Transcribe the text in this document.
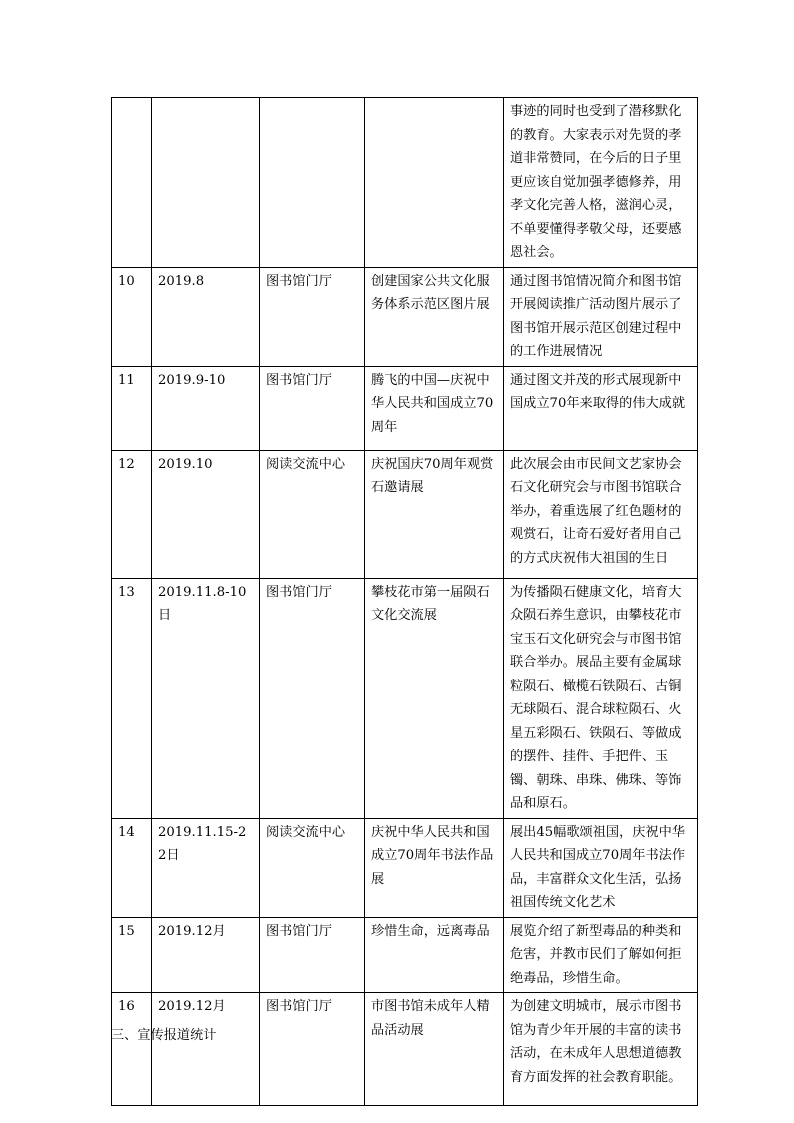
				事迹的同时也受到了潜移默化的教育。大家表示对先贤的孝道非常赞同，在今后的日子里更应该自觉加强孝德修养，用孝文化完善人格，滋润心灵，不单要懂得孝敬父母，还要感恩社会。
10	2019.8	图书馆门厅	创建国家公共文化服务体系示范区图片展	通过图书馆情况简介和图书馆开展阅读推广活动图片展示了图书馆开展示范区创建过程中的工作进展情况
11	2019.9-10	图书馆门厅	腾飞的中国—庆祝中华人民共和国成立70周年	通过图文并茂的形式展现新中国成立70年来取得的伟大成就
12	2019.10	阅读交流中心	庆祝国庆70周年观赏石邀请展	此次展会由市民间文艺家协会石文化研究会与市图书馆联合举办，着重选展了红色题材的观赏石，让奇石爱好者用自己的方式庆祝伟大祖国的生日
13	2019.11.8-10日	图书馆门厅	攀枝花市第一届陨石文化交流展	为传播陨石健康文化，培育大众陨石养生意识，由攀枝花市宝玉石文化研究会与市图书馆联合举办。展品主要有金属球粒陨石、橄榄石铁陨石、古铜无球陨石、混合球粒陨石、火星五彩陨石、铁陨石、等做成的摆件、挂件、手把件、玉镯、朝珠、串珠、佛珠、等饰品和原石。
14	2019.11.15-22日	阅读交流中心	庆祝中华人民共和国成立70周年书法作品展	展出45幅歌颂祖国，庆祝中华人民共和国成立70周年书法作品，丰富群众文化生活，弘扬祖国传统文化艺术
15	2019.12月	图书馆门厅	珍惜生命，远离毒品	展览介绍了新型毒品的种类和危害，并教市民们了解如何拒绝毒品，珍惜生命。
16	2019.12月	图书馆门厅	市图书馆未成年人精品活动展	为创建文明城市，展示市图书馆为青少年开展的丰富的读书活动，在未成年人思想道德教育方面发挥的社会教育职能。
三、宣传报道统计
